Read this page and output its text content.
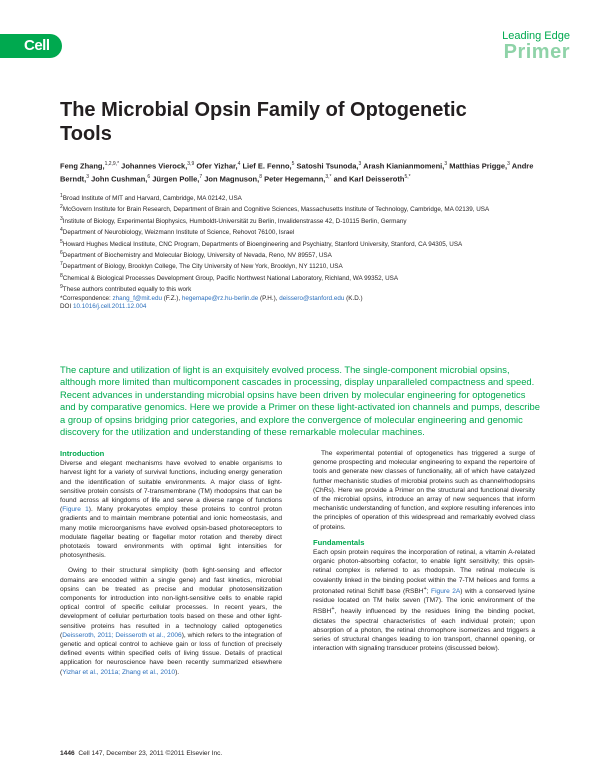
Cell
Leading Edge
Primer
The Microbial Opsin Family of Optogenetic Tools
Feng Zhang,$^{1,2,9,*}$ Johannes Vierock,$^{3,9}$ Ofer Yizhar,$^4$ Lief E. Fenno,$^5$ Satoshi Tsunoda,$^3$ Arash Kianianmomeni,$^3$ Matthias Prigge,$^3$ Andre Berndt,$^3$ John Cushman,$^6$ Jürgen Polle,$^7$ Jon Magnuson,$^8$ Peter Hegemann,$^{3,*}$ and Karl Deisseroth$^{5,*}$
$^1$Broad Institute of MIT and Harvard, Cambridge, MA 02142, USA
$^2$McGovern Institute for Brain Research, Department of Brain and Cognitive Sciences, Massachusetts Institute of Technology, Cambridge, MA 02139, USA
$^3$Institute of Biology, Experimental Biophysics, Humboldt-Universität zu Berlin, Invalidenstrasse 42, D-10115 Berlin, Germany
$^4$Department of Neurobiology, Weizmann Institute of Science, Rehovot 76100, Israel
$^5$Howard Hughes Medical Institute, CNC Program, Departments of Bioengineering and Psychiatry, Stanford University, Stanford, CA 94305, USA
$^6$Department of Biochemistry and Molecular Biology, University of Nevada, Reno, NV 89557, USA
$^7$Department of Biology, Brooklyn College, The City University of New York, Brooklyn, NY 11210, USA
$^8$Chemical & Biological Processes Development Group, Pacific Northwest National Laboratory, Richland, WA 99352, USA
$^9$These authors contributed equally to this work
*Correspondence: zhang_f@mit.edu (F.Z.), hegemape@rz.hu-berlin.de (P.H.), deissero@stanford.edu (K.D.)
DOI 10.1016/j.cell.2011.12.004

The capture and utilization of light is an exquisitely evolved process. The single-component microbial opsins, although more limited than multicomponent cascades in processing, display unparalleled compactness and speed. Recent advances in understanding microbial opsins have been driven by molecular engineering for optogenetics and by comparative genomics. Here we provide a Primer on these light-activated ion channels and pumps, describe a group of opsins bridging prior categories, and explore the convergence of molecular engineering and genomic discovery for the utilization and understanding of these remarkable molecular machines.

Introduction

Diverse and elegant mechanisms have evolved to enable organisms to harvest light for a variety of survival functions, including energy generation and the identification of suitable environments. A major class of light-sensitive protein consists of 7-transmembrane (TM) rhodopsins that can be found across all kingdoms of life and serve a diverse range of functions (Figure 1). Many prokaryotes employ these proteins to control proton gradients and to maintain membrane potential and ionic homeostasis, and many motile microorganisms have evolved opsin-based photoreceptors to modulate flagellar beating or flagellar motor rotation and thereby direct phototaxis toward environments with optimal light intensities for photosynthesis.

Owing to their structural simplicity (both light-sensing and effector domains are encoded within a single gene) and fast kinetics, microbial opsins can be treated as precise and modular photosensitization components for introduction into non-light-sensitive cells to enable rapid optical control of specific cellular processes. In recent years, the development of cellular perturbation tools based on these and other light-sensitive proteins has resulted in a technology called optogenetics (Deisseroth, 2011; Deisseroth et al., 2006), which refers to the integration of genetic and optical control to achieve gain or loss of function of precisely defined events within specified cells of living tissue. Details of practical application for neuroscience have been recently summarized elsewhere (Yizhar et al., 2011a; Zhang et al., 2010).

The experimental potential of optogenetics has triggered a surge of genome prospecting and molecular engineering to expand the repertoire of tools and generate new classes of functionality, all of which have catalyzed further mechanistic studies of microbial proteins such as channelrhodopsins (ChRs). Here we provide a Primer on the structural and functional diversity of the microbial opsins, introduce an array of new sequences that inform mechanistic understanding of function, and explore resulting inferences into the principles of operation of this widespread and remarkably evolved class of proteins.

Fundamentals

Each opsin protein requires the incorporation of retinal, a vitamin A-related organic photon-absorbing cofactor, to enable light sensitivity; this opsin-retinal complex is referred to as rhodopsin. The retinal molecule is covalently linked in the binding pocket within the 7-TM helices and forms a protonated retinal Schiff base (RSBH+; Figure 2A) with a conserved lysine residue located on TM helix seven (TM7). The ionic environment of the RSBH+, heavily influenced by the residues lining the binding pocket, dictates the spectral characteristics of each individual protein; upon absorption of a photon, the retinal chromophore isomerizes and triggers a series of structural changes leading to ion transport, channel opening, or interaction with signaling transducer proteins (discussed below).

1446 Cell 147, December 23, 2011 ©2011 Elsevier Inc.
